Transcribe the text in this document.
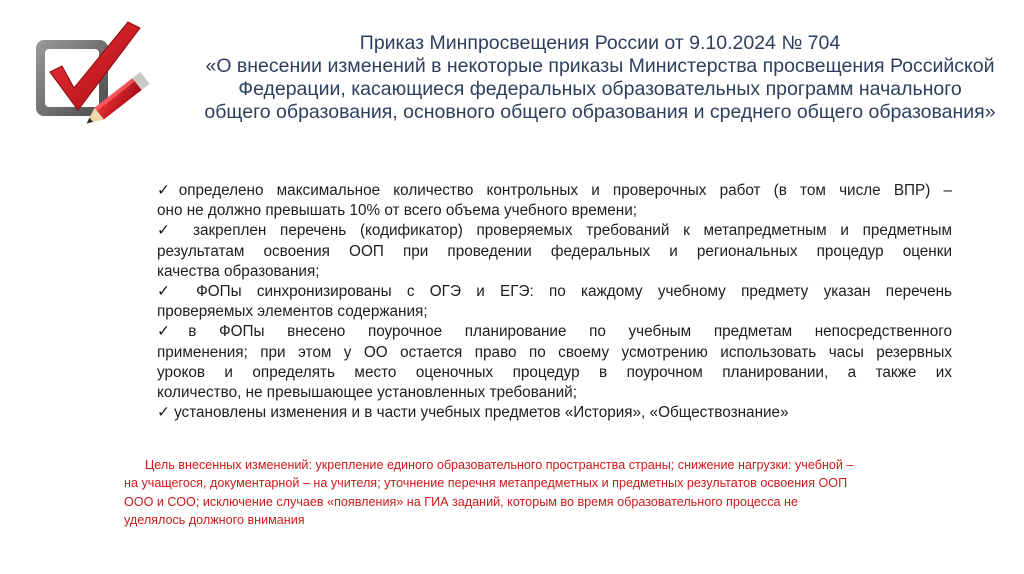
Приказ Минпросвещения России от 9.10.2024 № 704
«О внесении изменений в некоторые приказы Министерства просвещения Российской
Федерации, касающиеся федеральных образовательных программ начального
общего образования, основного общего образования и среднего общего образования»
✓определено максимальное количество контрольных и проверочных работ (в том числе ВПР) –
оно не должно превышать 10% от всего объема учебного времени;
✓ закреплен перечень (кодификатор) проверяемых требований к метапредметным и предметным
результатам освоения ООП при проведении федеральных и региональных процедур оценки
качества образования;
✓ ФОПы синхронизированы с ОГЭ и ЕГЭ: по каждому учебному предмету указан перечень
проверяемых элементов содержания;
✓в ФОПы внесено поурочное планирование по учебным предметам непосредственного
применения; при этом у ОО остается право по своему усмотрению использовать часы резервных
уроков и определять место оценочных процедур в поурочном планировании, а также их
количество, не превышающее установленных требований;
✓ установлены изменения и в части учебных предметов «История», «Обществознание»
Цель внесенных изменений: укрепление единого образовательного пространства страны; снижение нагрузки: учебной –
на учащегося, документарной – на учителя; уточнение перечня метапредметных и предметных результатов освоения ООП
ООО и СОО; исключение случаев «появления» на ГИА заданий, которым во время образовательного процесса не
уделялось должного внимания
